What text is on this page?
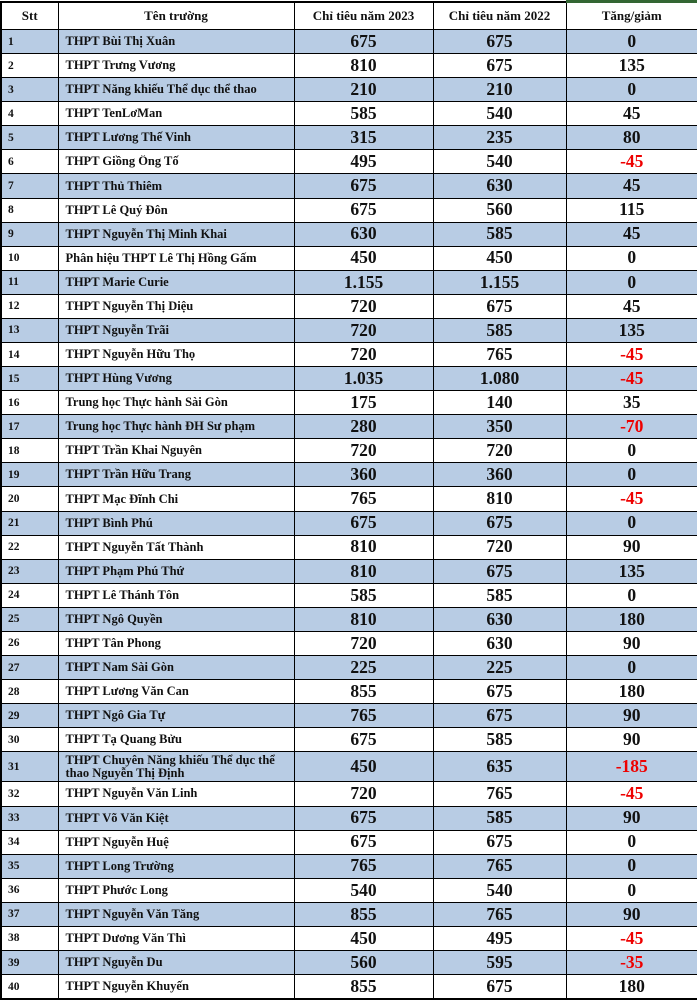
Stt	Tên trường	Chỉ tiêu năm 2023	Chỉ tiêu năm 2022	Tăng/giảm
1	THPT Bùi Thị Xuân	675	675	0
2	THPT Trưng Vương	810	675	135
3	THPT Năng khiếu Thể dục thể thao	210	210	0
4	THPT TenLơMan	585	540	45
5	THPT Lương Thế Vinh	315	235	80
6	THPT Giồng Ông Tố	495	540	-45
7	THPT Thủ Thiêm	675	630	45
8	THPT Lê Quý Đôn	675	560	115
9	THPT Nguyễn Thị Minh Khai	630	585	45
10	Phân hiệu THPT Lê Thị Hồng Gấm	450	450	0
11	THPT Marie Curie	1.155	1.155	0
12	THPT Nguyễn Thị Diệu	720	675	45
13	THPT Nguyễn Trãi	720	585	135
14	THPT Nguyễn Hữu Thọ	720	765	-45
15	THPT Hùng Vương	1.035	1.080	-45
16	Trung học Thực hành Sài Gòn	175	140	35
17	Trung học Thực hành ĐH Sư phạm	280	350	-70
18	THPT Trần Khai Nguyên	720	720	0
19	THPT Trần Hữu Trang	360	360	0
20	THPT Mạc Đĩnh Chi	765	810	-45
21	THPT Bình Phú	675	675	0
22	THPT Nguyễn Tất Thành	810	720	90
23	THPT Phạm Phú Thứ	810	675	135
24	THPT Lê Thánh Tôn	585	585	0
25	THPT Ngô Quyền	810	630	180
26	THPT Tân Phong	720	630	90
27	THPT Nam Sài Gòn	225	225	0
28	THPT Lương Văn Can	855	675	180
29	THPT Ngô Gia Tự	765	675	90
30	THPT Tạ Quang Bửu	675	585	90
31	THPT Chuyên Năng khiếu Thể dục thể thao Nguyễn Thị Định	450	635	-185
32	THPT Nguyễn Văn Linh	720	765	-45
33	THPT Võ Văn Kiệt	675	585	90
34	THPT Nguyễn Huệ	675	675	0
35	THPT Long Trường	765	765	0
36	THPT Phước Long	540	540	0
37	THPT Nguyễn Văn Tăng	855	765	90
38	THPT Dương Văn Thì	450	495	-45
39	THPT Nguyễn Du	560	595	-35
40	THPT Nguyễn Khuyến	855	675	180
